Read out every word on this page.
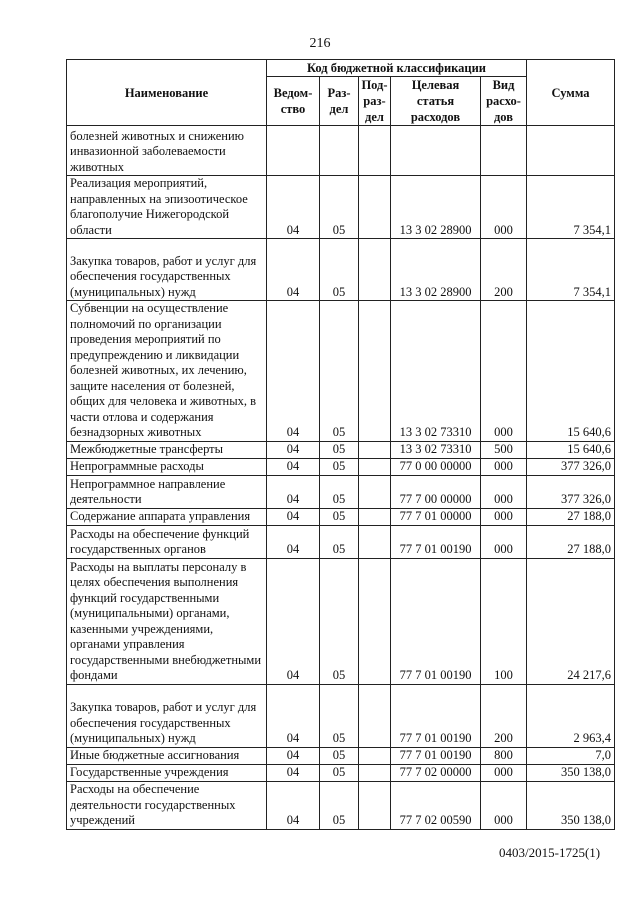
216
Наименование	Код бюджетной классификации					Сумма
	Ведом-ство	Раз-дел	Под-раз-дел	Целевая статья расходов	Вид расхо-дов	
болезней животных и снижению инвазионной заболеваемости животных						
Реализация мероприятий, направленных на эпизоотическое благополучие Нижегородской области	04	05		13 3 02 28900	000	7 354,1
Закупка товаров, работ и услуг для обеспечения государственных (муниципальных) нужд	04	05		13 3 02 28900	200	7 354,1
Субвенции на осуществление полномочий по организации проведения мероприятий по предупреждению и ликвидации болезней животных, их лечению, защите населения от болезней, общих для человека и животных, в части отлова и содержания безнадзорных животных	04	05		13 3 02 73310	000	15 640,6
Межбюджетные трансферты	04	05		13 3 02 73310	500	15 640,6
Непрограммные расходы	04	05		77 0 00 00000	000	377 326,0
Непрограммное направление деятельности	04	05		77 7 00 00000	000	377 326,0
Содержание аппарата управления	04	05		77 7 01 00000	000	27 188,0
Расходы на обеспечение функций государственных органов	04	05		77 7 01 00190	000	27 188,0
Расходы на выплаты персоналу в целях обеспечения выполнения функций государственными (муниципальными) органами, казенными учреждениями, органами управления государственными внебюджетными фондами	04	05		77 7 01 00190	100	24 217,6
Закупка товаров, работ и услуг для обеспечения государственных (муниципальных) нужд	04	05		77 7 01 00190	200	2 963,4
Иные бюджетные ассигнования	04	05		77 7 01 00190	800	7,0
Государственные учреждения	04	05		77 7 02 00000	000	350 138,0
Расходы на обеспечение деятельности государственных учреждений	04	05		77 7 02 00590	000	350 138,0
0403/2015-1725(1)
